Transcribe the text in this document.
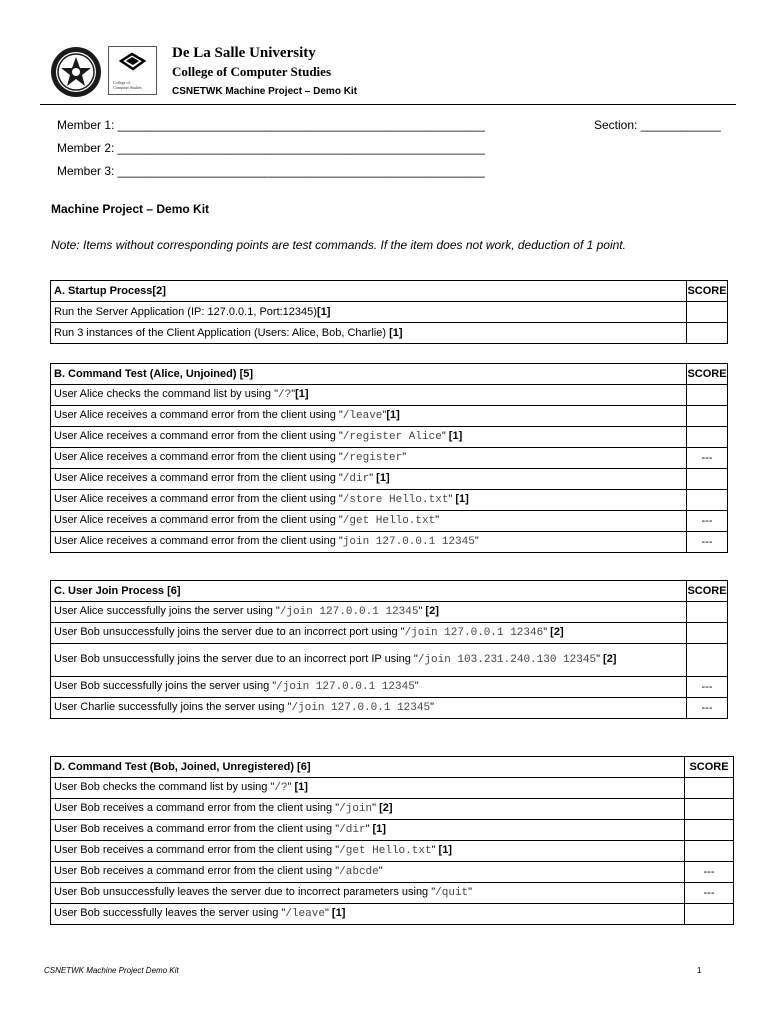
College of
Computer Studies
De La Salle University
College of Computer Studies
CSNETWK Machine Project – Demo Kit
Member 1: _______________________________________________________
Member 2: _______________________________________________________
Member 3: _______________________________________________________
Section: ____________
Machine Project – Demo Kit
Note: Items without corresponding points are test commands. If the item does not work, deduction of 1 point.
A. Startup Process[2]	SCORE
Run the Server Application (IP: 127.0.0.1, Port:12345)[1]	
Run 3 instances of the Client Application (Users: Alice, Bob, Charlie) [1]	
B. Command Test (Alice, Unjoined) [5]	SCORE
User Alice checks the command list by using "/?"[1]	
User Alice receives a command error from the client using "/leave"[1]	
User Alice receives a command error from the client using "/register Alice" [1]	
User Alice receives a command error from the client using "/register"	---
User Alice receives a command error from the client using "/dir" [1]	
User Alice receives a command error from the client using "/store Hello.txt" [1]	
User Alice receives a command error from the client using "/get Hello.txt"	---
User Alice receives a command error from the client using "join 127.0.0.1 12345"	---
C. User Join Process [6]	SCORE
User Alice successfully joins the server using "/join 127.0.0.1 12345" [2]	
User Bob unsuccessfully joins the server due to an incorrect port using "/join 127.0.0.1 12346" [2]	
User Bob unsuccessfully joins the server due to an incorrect port IP using "/join 103.231.240.130 12345" [2]	
User Bob successfully joins the server using "/join 127.0.0.1 12345"	---
User Charlie successfully joins the server using "/join 127.0.0.1 12345"	---
D. Command Test (Bob, Joined, Unregistered) [6]	SCORE
User Bob checks the command list by using "/?" [1]	
User Bob receives a command error from the client using "/join" [2]	
User Bob receives a command error from the client using "/dir" [1]	
User Bob receives a command error from the client using "/get Hello.txt" [1]	
User Bob receives a command error from the client using "/abcde"	---
User Bob unsuccessfully leaves the server due to incorrect parameters using "/quit"	---
User Bob successfully leaves the server using "/leave" [1]	
CSNETWK Machine Project Demo Kit	1
